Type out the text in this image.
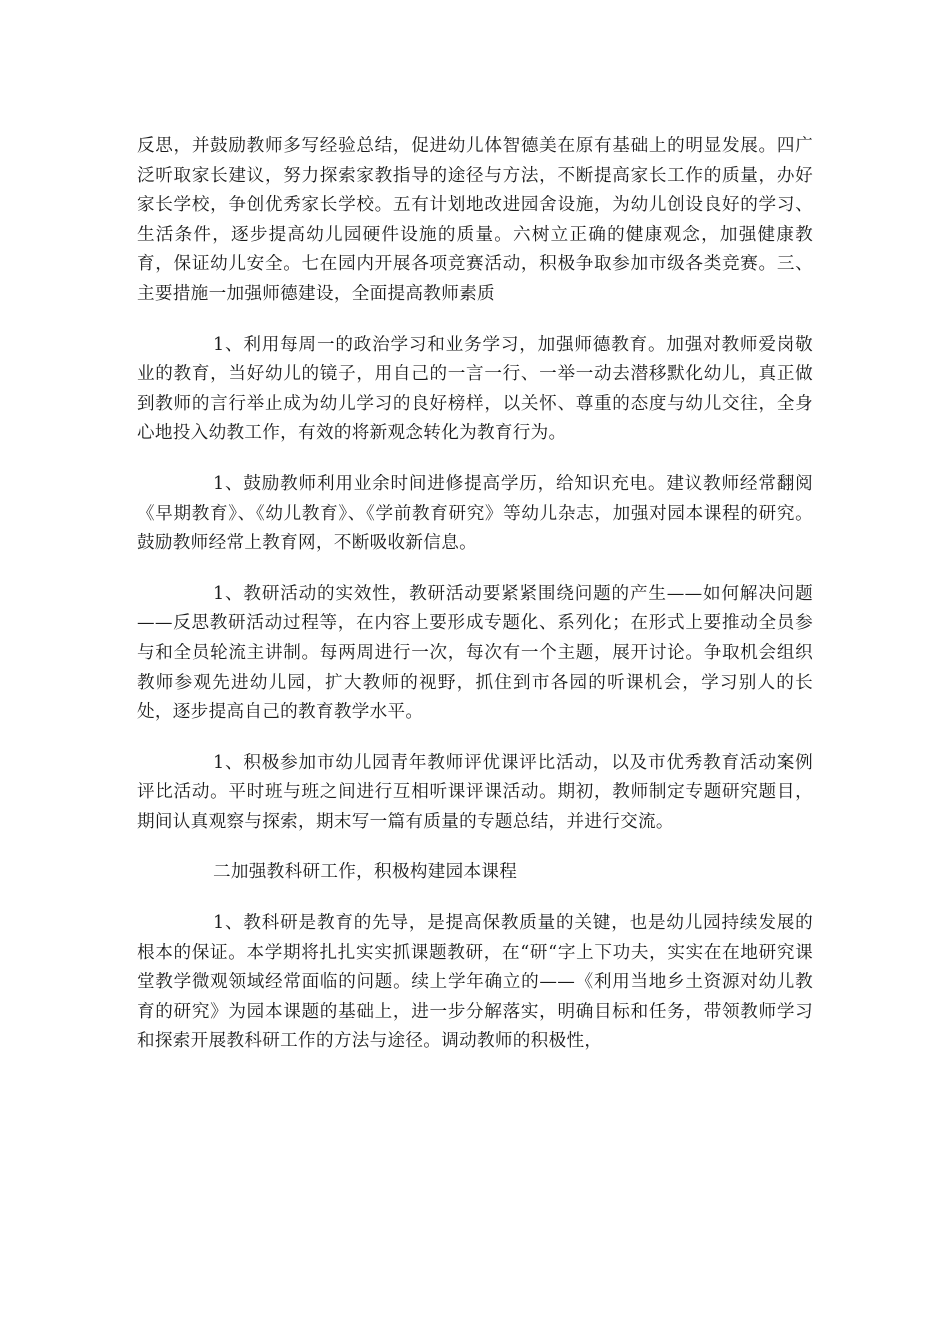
反思，并鼓励教师多写经验总结，促进幼儿体智德美在原有基础上的明显发展。四广泛听取家长建议，努力探索家教指导的途径与方法，不断提高家长工作的质量，办好家长学校，争创优秀家长学校。五有计划地改进园舍设施，为幼儿创设良好的学习、生活条件，逐步提高幼儿园硬件设施的质量。六树立正确的健康观念，加强健康教育，保证幼儿安全。七在园内开展各项竞赛活动，积极争取参加市级各类竞赛。三、主要措施一加强师德建设，全面提高教师素质

1、利用每周一的政治学习和业务学习，加强师德教育。加强对教师爱岗敬业的教育，当好幼儿的镜子，用自己的一言一行、一举一动去潜移默化幼儿，真正做到教师的言行举止成为幼儿学习的良好榜样，以关怀、尊重的态度与幼儿交往，全身心地投入幼教工作，有效的将新观念转化为教育行为。

1、鼓励教师利用业余时间进修提高学历，给知识充电。建议教师经常翻阅《早期教育》、《幼儿教育》、《学前教育研究》等幼儿杂志，加强对园本课程的研究。鼓励教师经常上教育网，不断吸收新信息。

1、教研活动的实效性，教研活动要紧紧围绕问题的产生——如何解决问题——反思教研活动过程等，在内容上要形成专题化、系列化；在形式上要推动全员参与和全员轮流主讲制。每两周进行一次，每次有一个主题，展开讨论。争取机会组织教师参观先进幼儿园，扩大教师的视野，抓住到市各园的听课机会，学习别人的长处，逐步提高自己的教育教学水平。

1、积极参加市幼儿园青年教师评优课评比活动，以及市优秀教育活动案例评比活动。平时班与班之间进行互相听课评课活动。期初，教师制定专题研究题目，期间认真观察与探索，期末写一篇有质量的专题总结，并进行交流。

二加强教科研工作，积极构建园本课程

1、教科研是教育的先导，是提高保教质量的关键，也是幼儿园持续发展的根本的保证。本学期将扎扎实实抓课题教研，在“研“字上下功夫，实实在在地研究课堂教学微观领域经常面临的问题。续上学年确立的——《利用当地乡土资源对幼儿教育的研究》为园本课题的基础上，进一步分解落实，明确目标和任务，带领教师学习和探索开展教科研工作的方法与途径。调动教师的积极性，
